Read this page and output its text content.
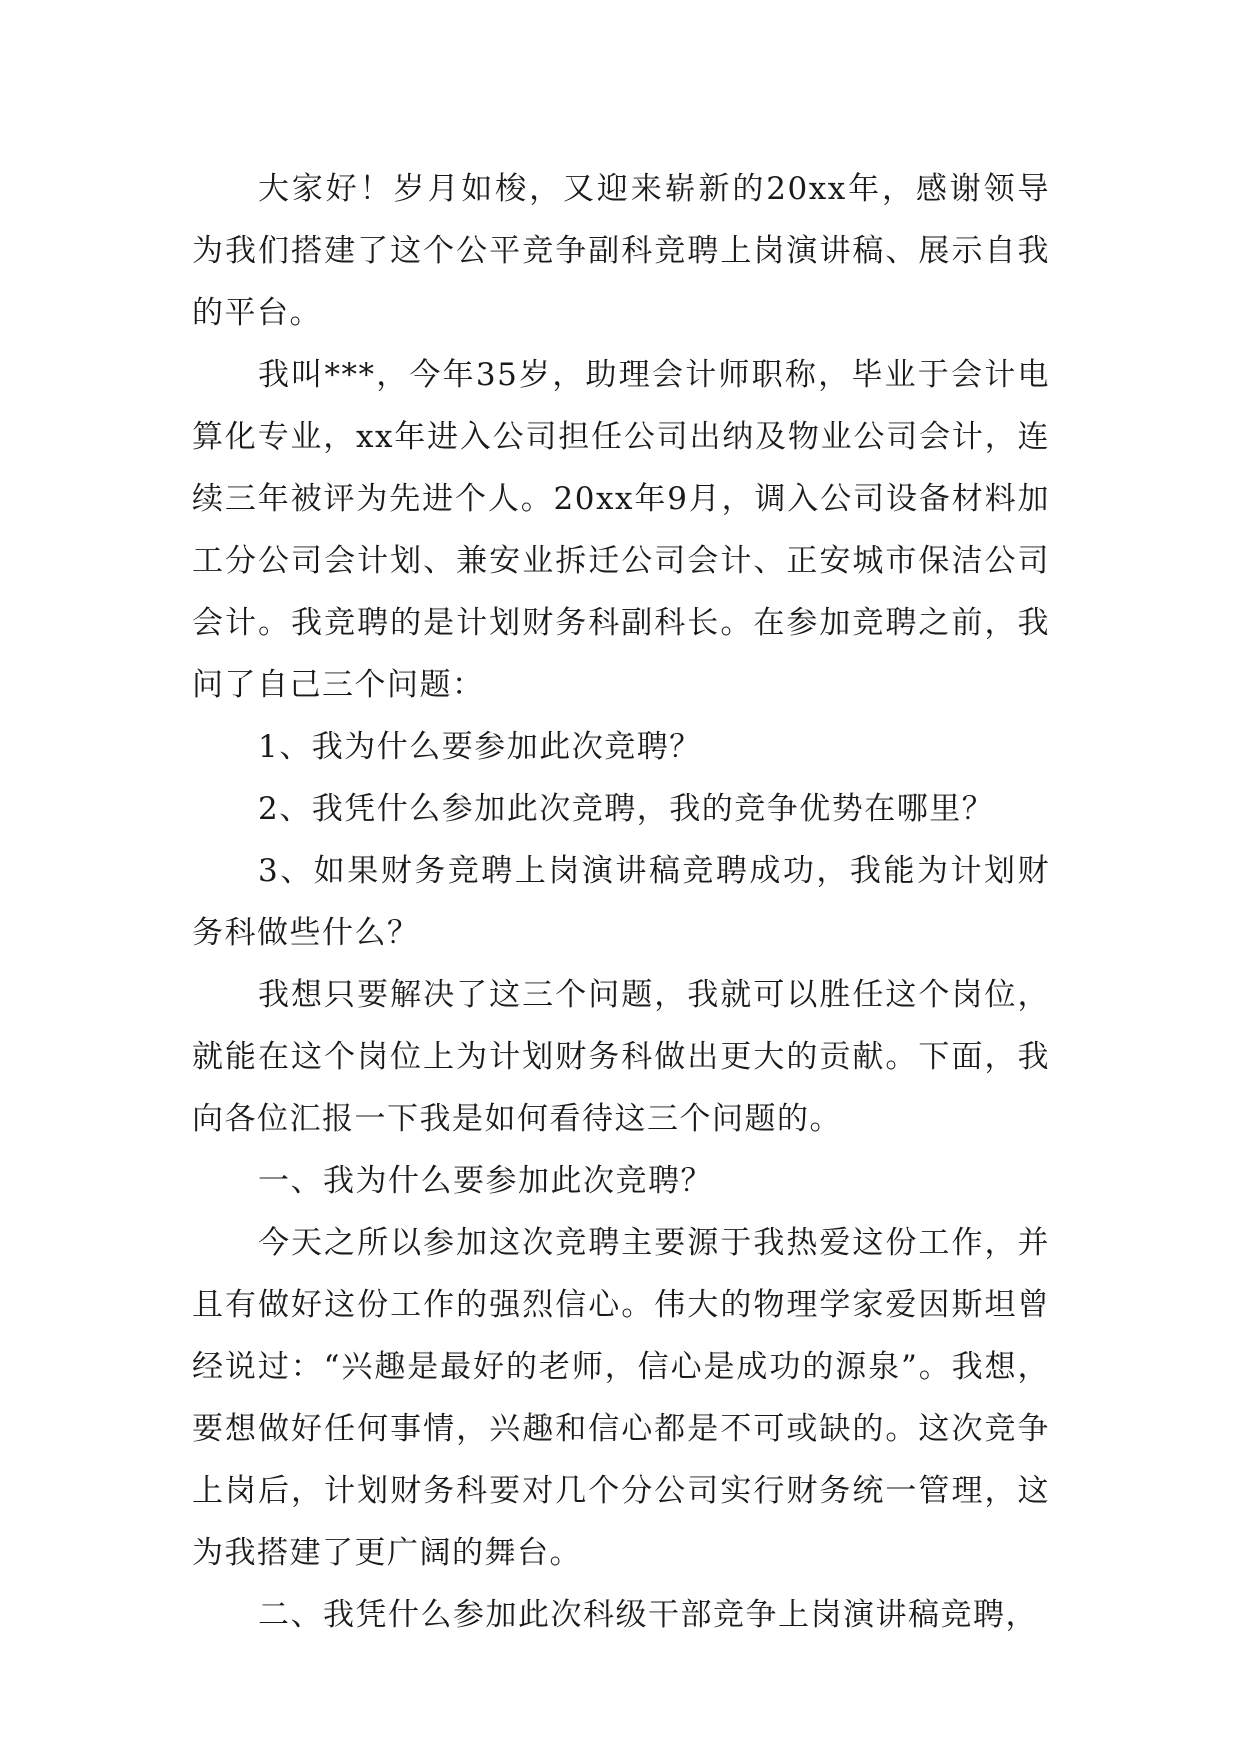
大家好！岁月如梭，又迎来崭新的20xx年，感谢领导为我们搭建了这个公平竞争副科竞聘上岗演讲稿、展示自我的平台。

我叫***，今年35岁，助理会计师职称，毕业于会计电算化专业，xx年进入公司担任公司出纳及物业公司会计，连续三年被评为先进个人。20xx年9月，调入公司设备材料加工分公司会计划、兼安业拆迁公司会计、正安城市保洁公司会计。我竞聘的是计划财务科副科长。在参加竞聘之前，我问了自己三个问题：

1、我为什么要参加此次竞聘？

2、我凭什么参加此次竞聘，我的竞争优势在哪里？

3、如果财务竞聘上岗演讲稿竞聘成功，我能为计划财务科做些什么？

我想只要解决了这三个问题，我就可以胜任这个岗位，就能在这个岗位上为计划财务科做出更大的贡献。下面，我向各位汇报一下我是如何看待这三个问题的。

一、我为什么要参加此次竞聘？

今天之所以参加这次竞聘主要源于我热爱这份工作，并且有做好这份工作的强烈信心。伟大的物理学家爱因斯坦曾经说过：“兴趣是最好的老师，信心是成功的源泉”。我想，要想做好任何事情，兴趣和信心都是不可或缺的。这次竞争上岗后，计划财务科要对几个分公司实行财务统一管理，这为我搭建了更广阔的舞台。

二、我凭什么参加此次科级干部竞争上岗演讲稿竞聘，
